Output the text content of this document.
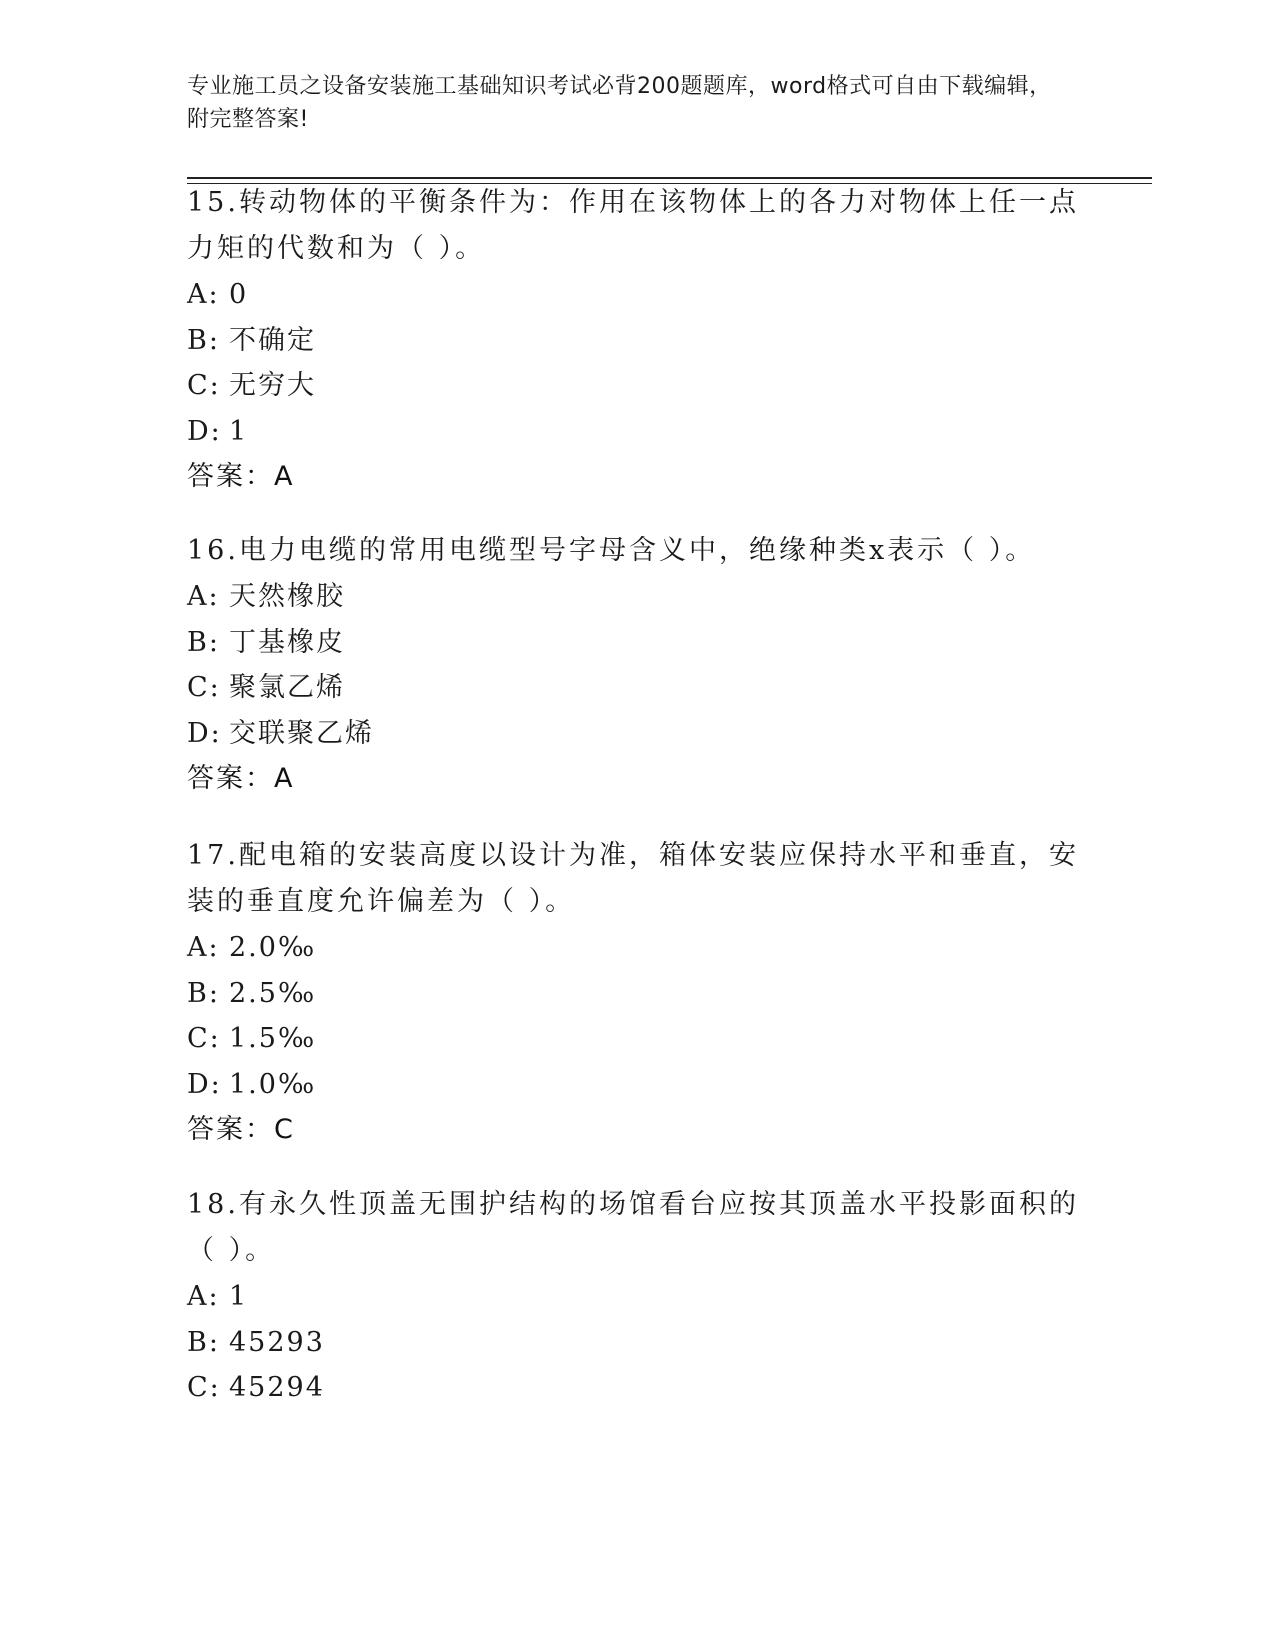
专业施工员之设备安装施工基础知识考试必背200题题库，word格式可自由下载编辑，附完整答案!
15.转动物体的平衡条件为：作用在该物体上的各力对物体上任一点力矩的代数和为（ ）。
A: 0
B: 不确定
C: 无穷大
D: 1
答案：A
16.电力电缆的常用电缆型号字母含义中，绝缘种类x表示（ ）。
A: 天然橡胶
B: 丁基橡皮
C: 聚氯乙烯
D: 交联聚乙烯
答案：A
17.配电箱的安装高度以设计为准，箱体安装应保持水平和垂直，安装的垂直度允许偏差为（ ）。
A: 2.0‰
B: 2.5‰
C: 1.5‰
D: 1.0‰
答案：C
18.有永久性顶盖无围护结构的场馆看台应按其顶盖水平投影面积的（ ）。
A: 1
B: 45293
C: 45294
